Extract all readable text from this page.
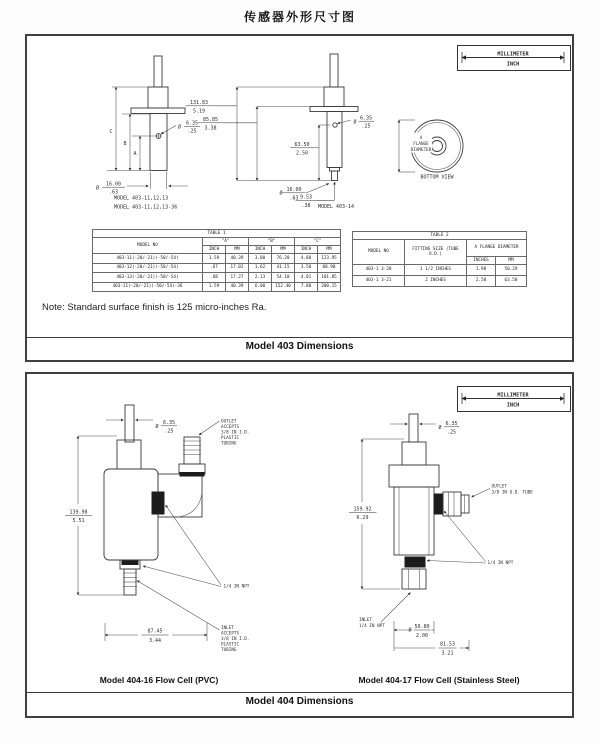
传感器外形尺寸图
C
B
A
Ø
6.35
.25
Ø
16.00
.63
MODEL 403-11,12,13
MODEL 403-11,12,13-36
Ø
6.35
.25
131.83
5.19
85.85
3.38
63.50
2.50
9.53
.38
Ø
16.00
.63
MODEL 403-14
A
FLANGE
DIAMETER
BOTTOM VIEW
MILLIMETER
INCH
TABLE 1						
MODEL NO	"A"		"B"		"C"	
	INCH	MM	INCH	MM	INCH	MM
403-11(-20/-21)(-50/-54)	1.59	40.39	3.00	76.20	4.88	123.95
403-12(-20/-21)(-50/-54)	.67	17.02	1.62	41.15	3.50	88.90
403-13(-20/-21)(-50/-54)	.68	17.27	2.13	54.10	4.01	101.85
403-11(-20/-21)(-50/-54)-36	1.59	40.39	6.00	152.40	7.88	200.15
TABLE 2			
MODEL NO	FITTING SIZE (TUBE O.D.)	A FLANGE DIAMETER	
		INCHES	MM
403-1 3-20	1 1/2 INCHES	1.98	50.29
403-1 3-21	2 INCHES	2.50	63.50
Note: Standard surface finish is 125 micro-inches Ra.
Model 403 Dimensions
Ø
6.35
.25
139.98
5.51
OUTLET
ACCEPTS
3/8 IN I.D.
PLASTIC
TUBING
1/4 IN NPT
87.45
3.44
INLET
ACCEPTS
3/8 IN I.D.
PLASTIC
TUBING
Model 404-16 Flow Cell (PVC)
Ø
6.35
.25
OUTLET
3/8 IN O.D. TUBE
159.92
6.29
1/4 IN NPT
INLET
1/4 IN NPT
Ø
50.80
2.00
81.53
3.21
Model 404-17 Flow Cell (Stainless Steel)
MILLIMETER
INCH
Model 404 Dimensions
